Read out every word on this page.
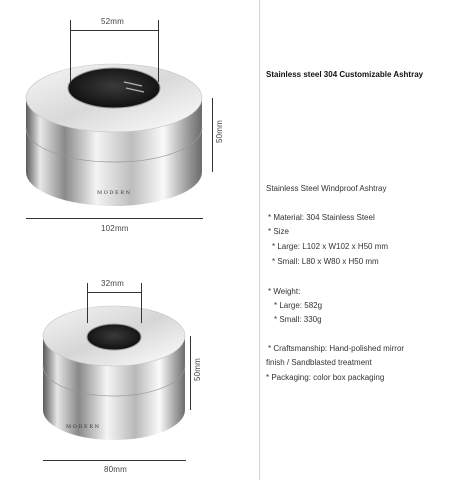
MODERN
52mm
50mm
102mm
MODERN
32mm
50mm
80mm
Stainless steel 304 Customizable Ashtray
Stainless Steel Windproof Ashtray
* Material: 304 Stainless Steel
* Size
* Large: L102 x W102 x H50 mm
* Small: L80 x W80 x H50 mm
* Weight:
* Large: 582g
* Small: 330g
* Craftsmanship: Hand-polished mirror
finish / Sandblasted treatment
* Packaging: color box packaging
